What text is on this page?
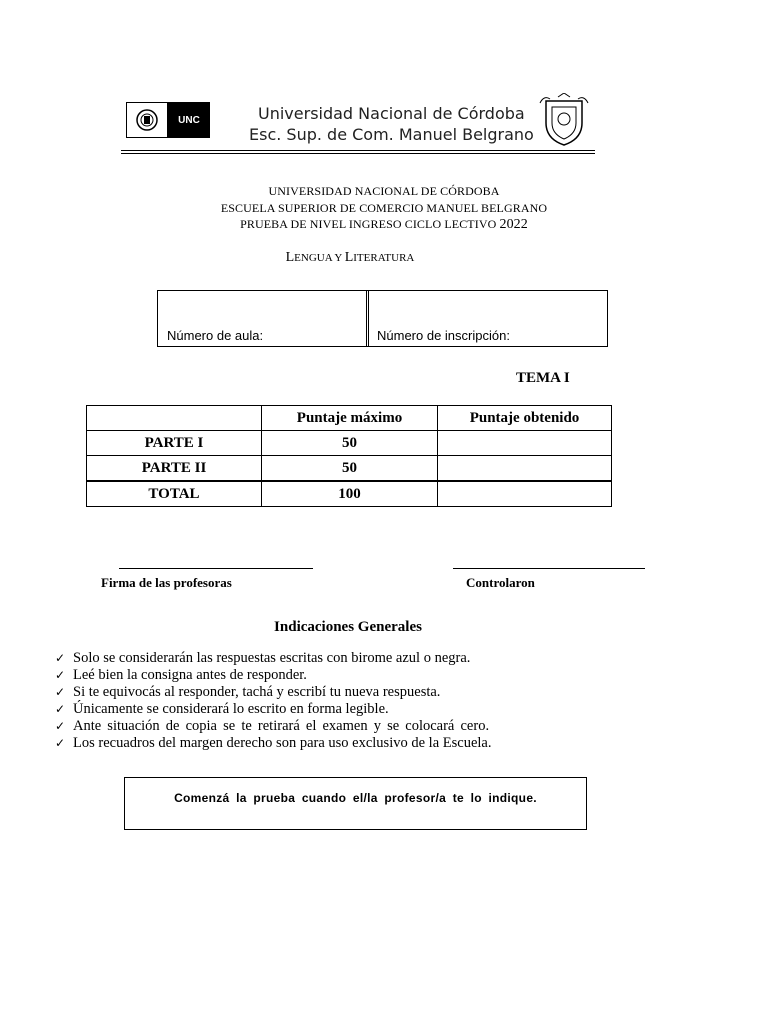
UNC	Universidad Nacional de Córdoba
Esc. Sup. de Com. Manuel Belgrano
UNIVERSIDAD NACIONAL DE CÓRDOBA
ESCUELA SUPERIOR DE COMERCIO MANUEL BELGRANO
PRUEBA DE NIVEL INGRESO CICLO LECTIVO 2022
LENGUA Y LITERATURA
Número de aula:	Número de inscripción:
TEMA I
	Puntaje máximo	Puntaje obtenido
PARTE I	50	
PARTE II	50	
TOTAL	100	
Firma de las profesoras	Controlaron
Indicaciones Generales
✓ Solo se considerarán las respuestas escritas con birome azul o negra.
✓ Leé bien la consigna antes de responder.
✓ Si te equivocás al responder, tachá y escribí tu nueva respuesta.
✓ Únicamente se considerará lo escrito en forma legible.
✓ Ante situación de copia se te retirará el examen y se colocará cero.
✓ Los recuadros del margen derecho son para uso exclusivo de la Escuela.
Comenzá la prueba cuando el/la profesor/a te lo indique.
